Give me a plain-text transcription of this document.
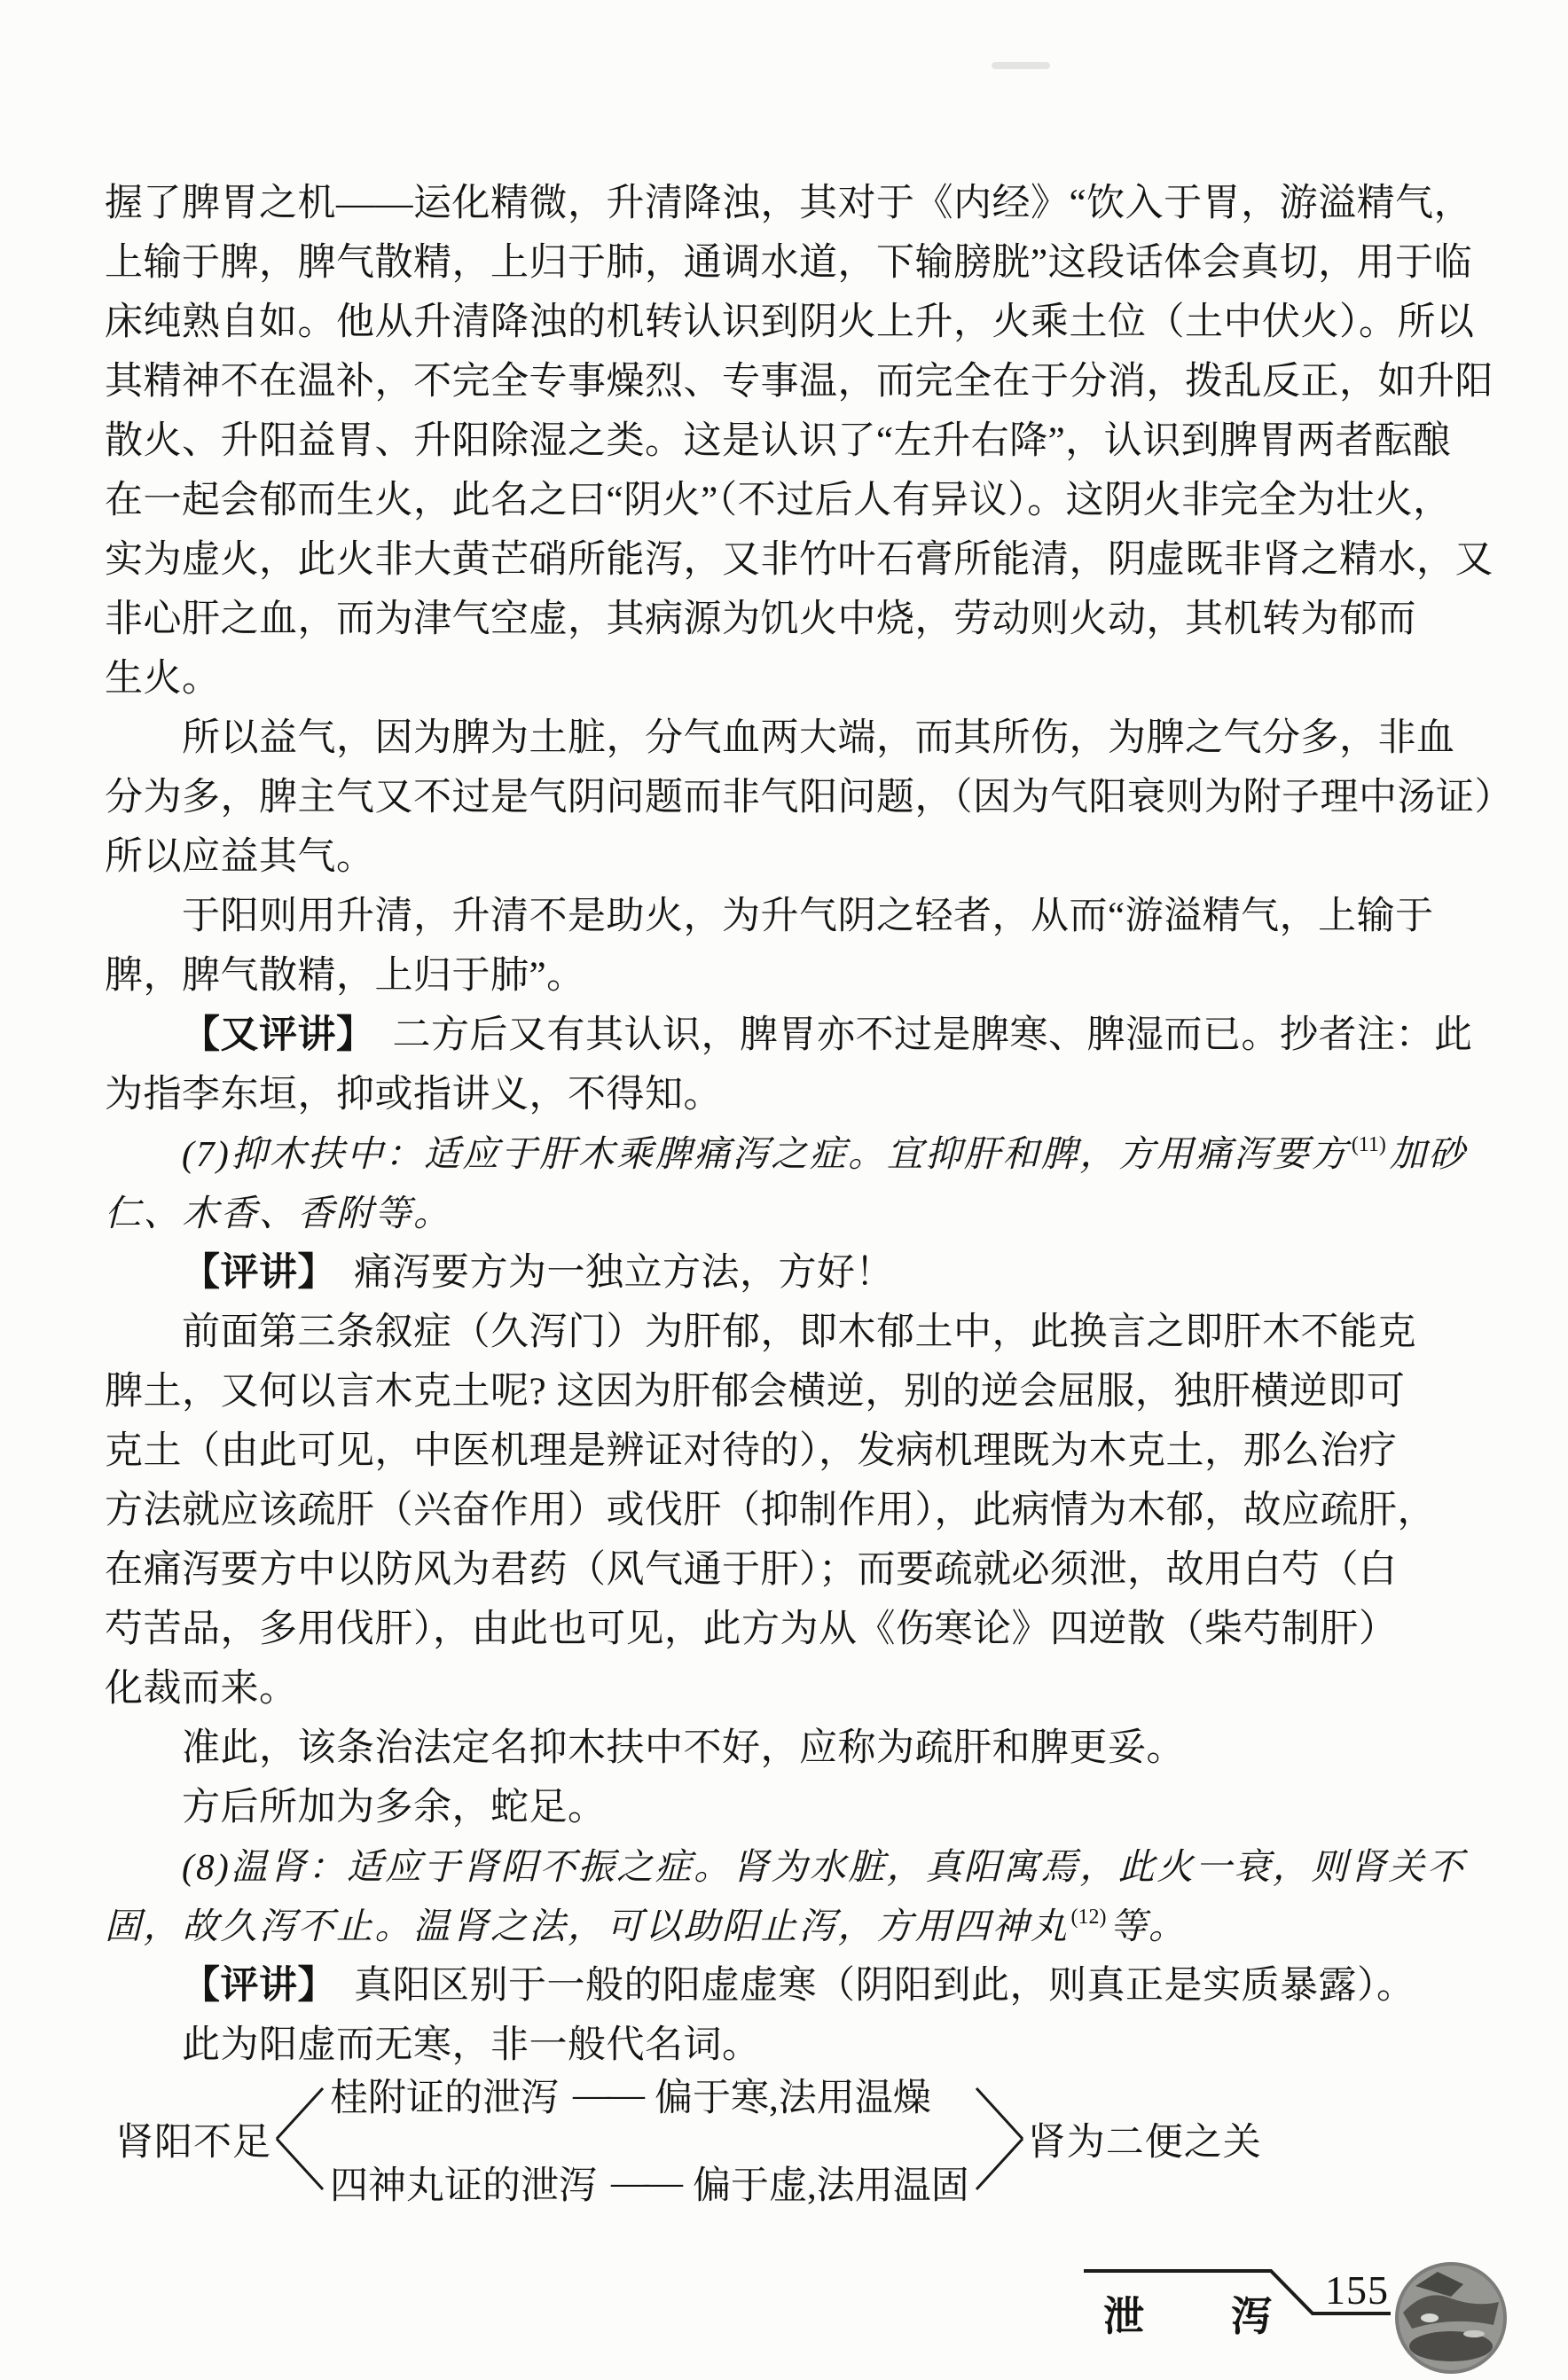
握了脾胃之机——运化精微，升清降浊，其对于《内经》“饮入于胃，游溢精气，
上输于脾，脾气散精，上归于肺，通调水道，下输膀胱”这段话体会真切，用于临
床纯熟自如。他从升清降浊的机转认识到阴火上升，火乘土位（土中伏火）。所以
其精神不在温补，不完全专事燥烈、专事温，而完全在于分消，拨乱反正，如升阳
散火、升阳益胃、升阳除湿之类。这是认识了“左升右降”，认识到脾胃两者酝酿
在一起会郁而生火，此名之曰“阴火”（不过后人有异议）。这阴火非完全为壮火，
实为虚火，此火非大黄芒硝所能泻，又非竹叶石膏所能清，阴虚既非肾之精水，又
非心肝之血，而为津气空虚，其病源为饥火中烧，劳动则火动，其机转为郁而
生火。
所以益气，因为脾为土脏，分气血两大端，而其所伤，为脾之气分多，非血
分为多，脾主气又不过是气阴问题而非气阳问题，（因为气阳衰则为附子理中汤证）
所以应益其气。
于阳则用升清，升清不是助火，为升气阴之轻者，从而“游溢精气，上输于
脾，脾气散精，上归于肺”。
【又评讲】 二方后又有其认识，脾胃亦不过是脾寒、脾湿而已。抄者注：此
为指李东垣，抑或指讲义，不得知。
(7)抑木扶中：适应于肝木乘脾痛泻之症。宜抑肝和脾，方用痛泻要方$^{(11)}$加砂
仁、木香、香附等。
【评讲】 痛泻要方为一独立方法，方好！
前面第三条叙症（久泻门）为肝郁，即木郁土中，此换言之即肝木不能克
脾土，又何以言木克土呢? 这因为肝郁会横逆，别的逆会屈服，独肝横逆即可
克土（由此可见，中医机理是辨证对待的），发病机理既为木克土，那么治疗
方法就应该疏肝（兴奋作用）或伐肝（抑制作用），此病情为木郁，故应疏肝，
在痛泻要方中以防风为君药（风气通于肝）；而要疏就必须泄，故用白芍（白
芍苦品，多用伐肝），由此也可见，此方为从《伤寒论》四逆散（柴芍制肝）
化裁而来。
准此，该条治法定名抑木扶中不好，应称为疏肝和脾更妥。
方后所加为多余，蛇足。
(8)温肾：适应于肾阳不振之症。肾为水脏，真阳寓焉，此火一衰，则肾关不
固，故久泻不止。温肾之法，可以助阳止泻，方用四神丸$^{(12)}$等。
【评讲】 真阳区别于一般的阳虚虚寒（阴阳到此，则真正是实质暴露）。
此为阳虚而无寒，非一般代名词。
肾阳不足
桂附证的泄泻 —— 偏于寒,法用温燥
四神丸证的泄泻 —— 偏于虚,法用温固
肾为二便之关
泄　　泻
155
